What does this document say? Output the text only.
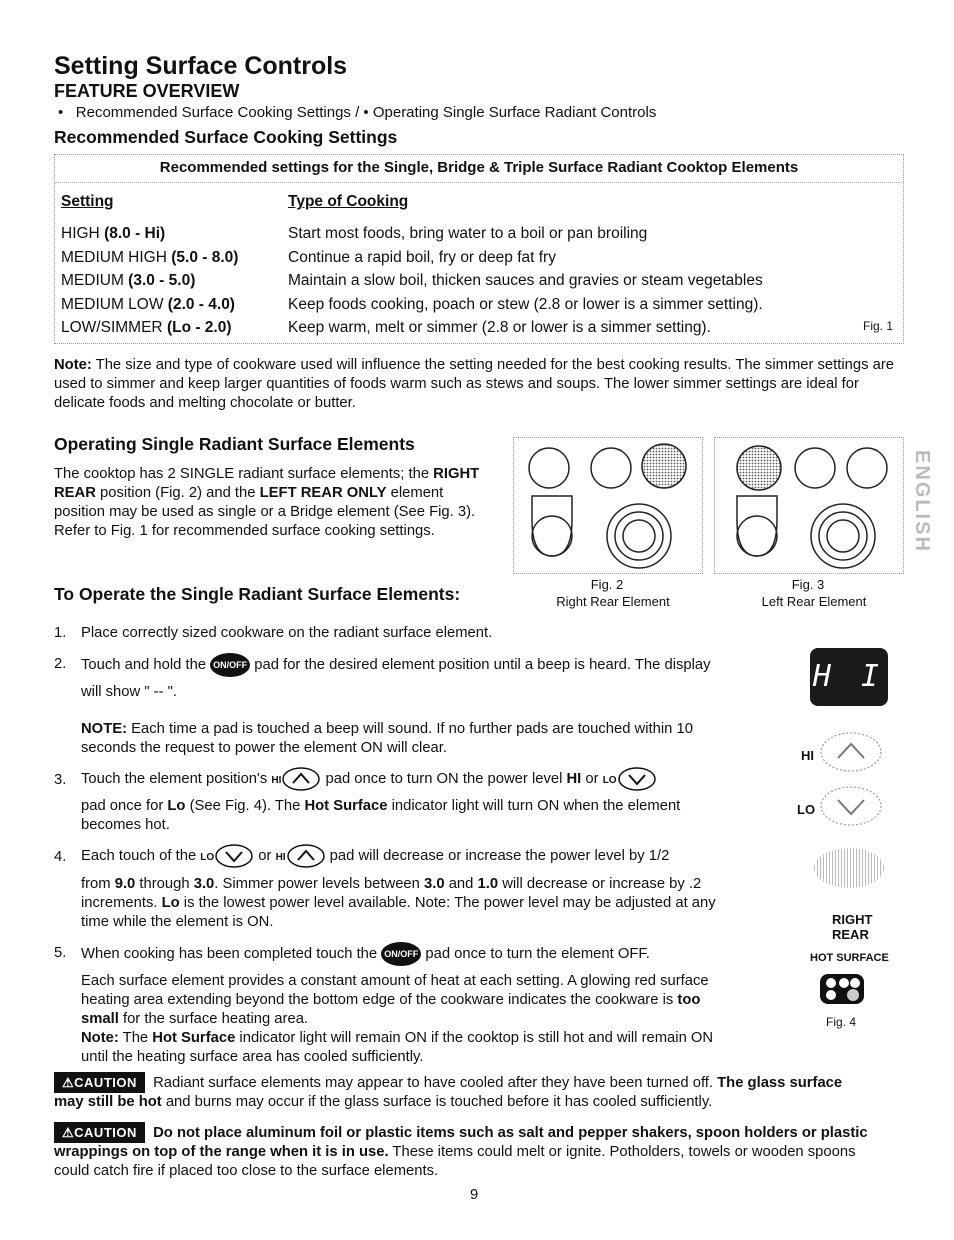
Setting Surface Controls
FEATURE OVERVIEW
•   Recommended Surface Cooking Settings / • Operating Single Surface Radiant Controls
Recommended Surface Cooking Settings
Recommended settings for the Single, Bridge & Triple Surface Radiant Cooktop Elements
Setting	Type of Cooking
HIGH (8.0 - Hi)	Start most foods, bring water to a boil or pan broiling
MEDIUM HIGH (5.0 - 8.0)	Continue a rapid boil, fry or deep fat fry
MEDIUM (3.0 - 5.0)	Maintain a slow boil, thicken sauces and gravies or steam vegetables
MEDIUM LOW (2.0 - 4.0)	Keep foods cooking, poach or stew (2.8 or lower is a simmer setting).
LOW/SIMMER (Lo - 2.0)	Keep warm, melt or simmer (2.8 or lower is a simmer setting).	Fig. 1
Note: The size and type of cookware used will influence the setting needed for the best cooking results. The simmer settings are used to simmer and keep larger quantities of foods warm such as stews and soups. The lower simmer settings are ideal for delicate foods and melting chocolate or butter.
Operating Single Radiant Surface Elements
The cooktop has 2 SINGLE radiant surface elements; the RIGHT REAR position (Fig. 2) and the LEFT REAR ONLY element position may be used as single or a Bridge element (See Fig. 3). Refer to Fig. 1 for recommended surface cooking settings.
Fig. 2
Right Rear Element
Fig. 3
Left Rear Element
ENGLISH
To Operate the Single Radiant Surface Elements:
1. Place correctly sized cookware on the radiant surface element.
2. Touch and hold the ON/OFF pad for the desired element position until a beep is heard. The display will show " -- ".
NOTE: Each time a pad is touched a beep will sound. If no further pads are touched within 10 seconds the request to power the element ON will clear.
3. Touch the element position's HI	pad once to turn ON the power level HI or LO
pad once for Lo (See Fig. 4). The Hot Surface indicator light will turn ON when the element becomes hot.
4. Each touch of the LO	or HI	pad will decrease or increase the power level by 1/2
from 9.0 through 3.0. Simmer power levels between 3.0 and 1.0 will decrease or increase by .2 increments. Lo is the lowest power level available. Note: The power level may be adjusted at any time while the element is ON.
5. When cooking has been completed touch the ON/OFF pad once to turn the element OFF.
Each surface element provides a constant amount of heat at each setting. A glowing red surface heating area extending beyond the bottom edge of the cookware indicates the cookware is too small for the surface heating area.
Note: The Hot Surface indicator light will remain ON if the cooktop is still hot and will remain ON until the heating surface area has cooled sufficiently.
H I
HI
LO
RIGHT
REAR
HOT SURFACE
Fig. 4
⚠CAUTION Radiant surface elements may appear to have cooled after they have been turned off. The glass surface may still be hot and burns may occur if the glass surface is touched before it has cooled sufficiently.
⚠CAUTION Do not place aluminum foil or plastic items such as salt and pepper shakers, spoon holders or plastic wrappings on top of the range when it is in use. These items could melt or ignite. Potholders, towels or wooden spoons could catch fire if placed too close to the surface elements.
9
